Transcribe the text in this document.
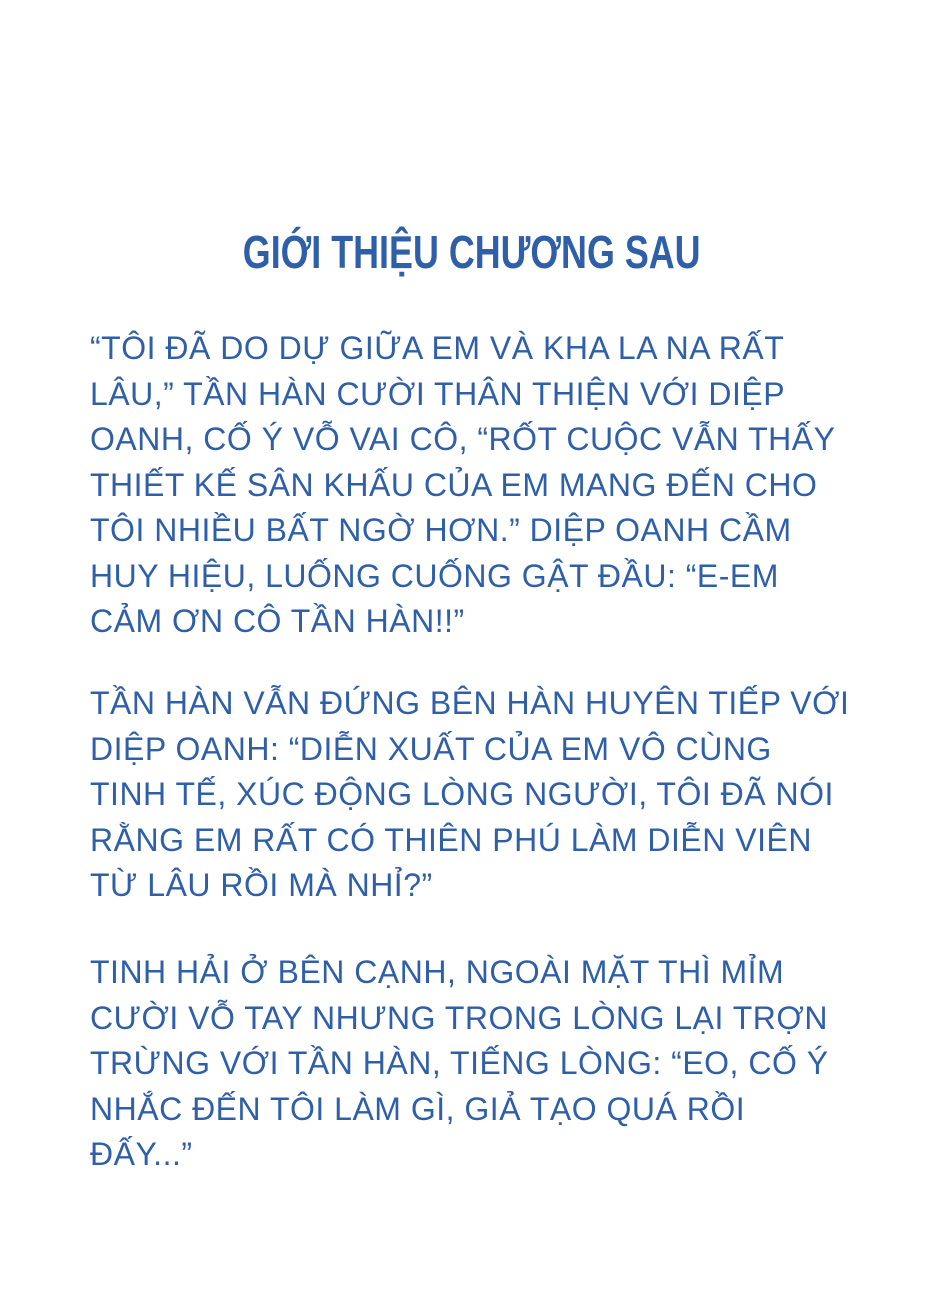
GIỚI THIỆU CHƯƠNG SAU

“TÔI ĐÃ DO DỰ GIỮA EM VÀ KHA LA NA RẤT
LÂU,” TẦN HÀN CƯỜI THÂN THIỆN VỚI DIỆP
OANH, CỐ Ý VỖ VAI CÔ, “RỐT CUỘC VẪN THẤY
THIẾT KẾ SÂN KHẤU CỦA EM MANG ĐẾN CHO
TÔI NHIỀU BẤT NGỜ HƠN.” DIỆP OANH CẦM
HUY HIỆU, LUỐNG CUỐNG GẬT ĐẦU: “E-EM
CẢM ƠN CÔ TẦN HÀN!!”

TẦN HÀN VẪN ĐỨNG BÊN HÀN HUYÊN TIẾP VỚI
DIỆP OANH: “DIỄN XUẤT CỦA EM VÔ CÙNG
TINH TẾ, XÚC ĐỘNG LÒNG NGƯỜI, TÔI ĐÃ NÓI
RẰNG EM RẤT CÓ THIÊN PHÚ LÀM DIỄN VIÊN
TỪ LÂU RỒI MÀ NHỈ?”

TINH HẢI Ở BÊN CẠNH, NGOÀI MẶT THÌ MỈM
CƯỜI VỖ TAY NHƯNG TRONG LÒNG LẠI TRỢN
TRỪNG VỚI TẦN HÀN, TIẾNG LÒNG: “EO, CỐ Ý
NHẮC ĐẾN TÔI LÀM GÌ, GIẢ TẠO QUÁ RỒI
ĐẤY...”
